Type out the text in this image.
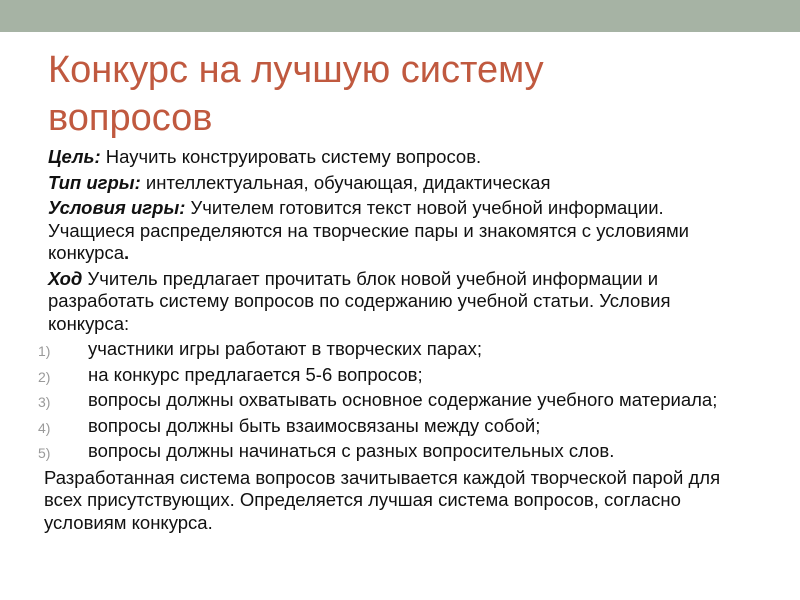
Конкурс на лучшую систему
вопросов

Цель: Научить конструировать систему вопросов.

Тип игры: интеллектуальная, обучающая, дидактическая

Условия игры: Учителем готовится текст новой учебной информации. Учащиеся распределяются на творческие пары и знакомятся с условиями конкурса.

Ход Учитель предлагает прочитать блок новой учебной информации и разработать систему вопросов по содержанию учебной статьи. Условия конкурса:

1) участники игры работают в творческих парах;
2) на конкурс предлагается 5-6 вопросов;
3) вопросы должны охватывать основное содержание учебного материала;
4) вопросы должны быть взаимосвязаны между собой;
5) вопросы должны начинаться с разных вопросительных слов.

Разработанная система вопросов зачитывается каждой творческой парой для всех присутствующих. Определяется лучшая система вопросов, согласно условиям конкурса.
